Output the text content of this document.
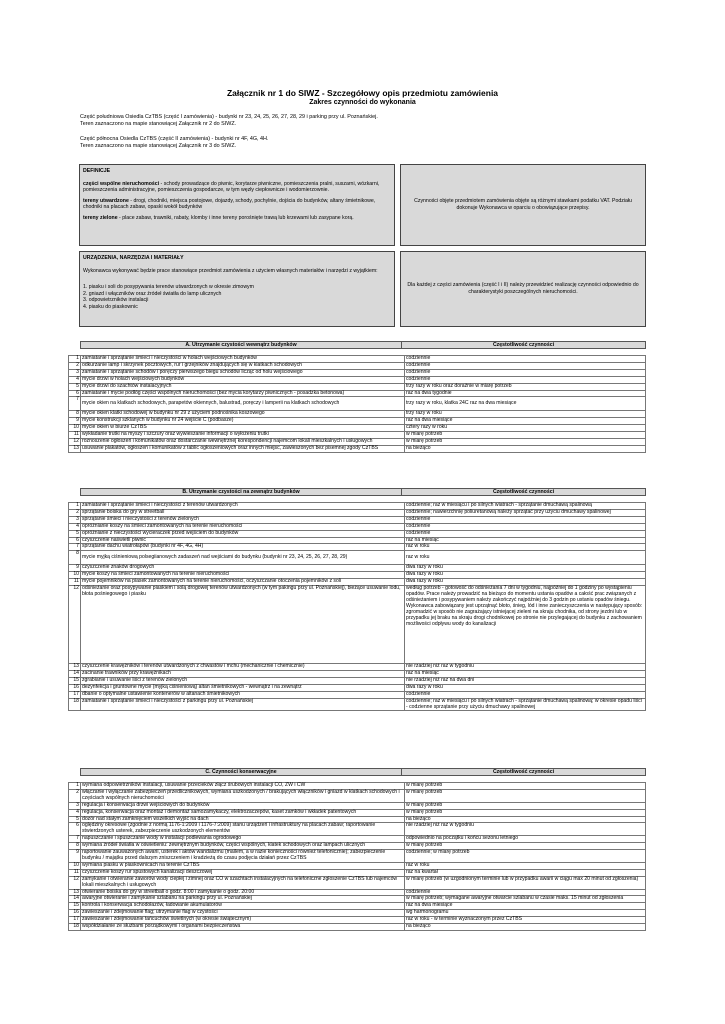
Załącznik nr 1 do SIWZ - Szczegółowy opis przedmiotu zamówienia
Zakres czynności do wykonania

Część południowa Osiedla CzTBS (część I zamówienia) - budynki nr 23, 24, 25, 26, 27, 28, 29 i parking przy ul. Poznańskiej.

Teren zaznaczono na mapie stanowiącej Załącznik nr 2 do SIWZ.

Część północna Osiedla CzTBS (część II zamówienia) - budynki nr 4F, 4G, 4H.

Teren zaznaczono na mapie stanowiącej Załącznik nr 3 do SIWZ.

DEFINICJE

części wspólne nieruchomości - schody prowadzące do piwnic, korytarze piwniczne, pomieszczenia pralni, suszarni, wózkarni, pomieszczenia administracyjne, pomieszczenia gospodarcze, w tym węzły ciepłownicze i wodomierzownie.

tereny utwardzone - drogi, chodniki, miejsca postojowe, dojazdy, schody, pochylnie, dojścia do budynków, altany śmietnikowe, chodniki na placach zabaw, opaski wokół budynków

tereny zielone - place zabaw, trawniki, rabaty, klomby i inne tereny porośnięte trawą lub krzewami lub zasypane korą.

Czynności objęte przedmiotem zamówienia objęte są różnymi stawkami podatku VAT. Podziału dokonuje Wykonawca w oparciu o obowiązujące przepisy.

URZĄDZENIA, NARZĘDZIA I MATERIAŁY

Wykonawca wykonywać będzie prace stanowiące przedmiot zamówienia z użyciem własnych materiałów i narzędzi z wyjątkiem:

1. piasku i soli do posypywania terenów utwardzonych w okresie zimowym
2. gniazd i włączników oraz źródeł światła do lamp ulicznych
3. odpowietrzników instalacji
4. piasku do piaskownic
Dla każdej z części zamówienia (część I i II) należy przewidzieć realizację czynności odpowiednio do charakterystyki poszczególnych nieruchomości.
A. Utrzymanie czystości wewnątrz budynków	Częstotliwość czynności
1	zamiatanie i sprzątanie śmieci i nieczystości w holach wejściowych budynków	codziennie
2	odkurzanie lamp i skrzynek pocztowych, rur i grzejników znajdujących się w klatkach schodowych	codziennie
3	zamiatanie i sprzątanie schodów i poręczy pierwszego biegu schodów licząc od holu wejściowego	codziennie
4	mycie drzwi w holach wejściowych budynków	codziennie
5	mycie drzwi do szachtów instalacyjnych	trzy razy w roku oraz doraźnie w miarę potrzeb
6	zamiatanie i mycie podłóg części wspólnych nieruchomości (bez mycia korytarzy piwnicznych - posadzka betonowa)	raz na dwa tygodnie
7	mycie okien na klatkach schodowych, parapetów okiennych, balustrad, poręczy i lamperii na klatkach schodowych	trzy razy w roku, klatka 24C raz na dwa miesiące
8	mycie okien klatki schodowej w budynku nr 29 z użyciem podnośnika koszowego	trzy razy w roku
9	mycie konstrukcji szklanych w budynku nr 24 wejście C (podbasze)	raz na dwa miesiące
10	mycie okien w biurze CzTBS	cztery razy w roku
11	wykładanie trutki na myszy i szczury oraz wywieszanie informacji o wyłożeniu trutki	w miarę potrzeb
12	roznoszenie ogłoszeń i komunikatów oraz dostarczanie wewnętrznej korespondencji najemcom lokali mieszkalnych i usługowych	w miarę potrzeb
13	usuwanie plakatów, ogłoszeń i komunikatów z tablic ogłoszeniowych oraz innych miejsc, zawieszonych bez pisemnej zgody CzTBS	na bieżąco
B. Utrzymanie czystości na zewnątrz budynków	Częstotliwość czynności
1	zamiatanie i sprzątanie śmieci i nieczystości z terenów utwardzonych	codziennie; raz w miesiącu i po silnych wiatrach - sprzątanie dmuchawą spalinową
2	sprzątanie boiska do gry w streetball	codziennie; nawierzchnię poliuretanową należy sprzątać przy użyciu dmuchawy spalinowej
3	sprzątanie śmieci i nieczystości z terenów zielonych	codziennie
4	opróżnianie koszy na śmieci zamontowanych na terenie nieruchomości	codziennie
5	opróżnianie z nieczystości wycieraczek przed wejściem do budynków	codziennie
6	czyszczenie naświetli piwnic	raz na miesiąc
7	sprzątanie dachu wiatrołapów (budynki nr 4F, 4G, 4H)	raz w roku
8	mycie myjką ciśnieniową polsegiianowych zadaszeń nad wejściami do budynku (budynki nr 23, 24, 25, 26, 27, 28, 29)	raz w roku
9	czyszczenie znaków drogowych	dwa razy w roku
10	mycie koszy na śmieci zamontowanych na terenie nieruchomości	dwa razy w roku
11	mycie pojemników na piasek zamontowanych na terenie nieruchomości, oczyszczanie otoczenia pojemników z soli	dwa razy w roku
12	odśnieżanie oraz posypywanie piaskiem i solą drogowej terenów utwardzonych (w tym pakingu przy ul. Poznańskiej), bieżące usuwanie lodu, błota pośniegowego i piasku	według potrzeb - gotowość do odśnieżania 7 dni w tygodniu, najpóźniej do 1 godziny po wystąpieniu opadów. Prace należy prowadzić na bieżąco do momentu ustania opadów a całość prac związanych z odśnieżaniem i posypywaniem należy zakończyć najpóźniej do 3 godzin po ustaniu opadów śniegu. Wykonawca zabowiązany jest uprzątnąć błoto, śnieg, lód i inne zanieczyszczenia w następujący sposób: zgromadzić w sposób nie zagrażający istniejącej zieleni na skraju chodnika, od strony jezdni lub w przypadku jej braku na skraju drogi chodnikowej po stronie nie przylegającej do budynku z zachowaniem możliwości odpływu wody do kanalizacji
13	czyszczenie krawężników i terenów utwardzonych z chwastów i mchu (mechanicznie i chemicznie)	nie rzadziej niż raz w tygodniu
14	zacinanie trawników przy krawężnikach	raz na miesiąc
15	zgrabianie i usuwanie liści z terenów zielonych	nie rzadziej niż raz na dwa dni
16	dezynfekcja i gruntowne mycie (myjką ciśnieniową) altan śmietnikowych - wewnątrz i na zewnątrz	dwa razy w roku
17	dbanie o optymalne ustawienie kontenerów w altanach śmietnikowych	codziennie
18	zamiatanie i sprzątanie śmieci i nieczystości z parkingu przy ul. Poznańskiej	codziennie; raz w miesiącu i po silnych wiatrach - sprzątanie dmuchawą spalinową; w okresie opadu liści - codzienne sprzątanie przy użyciu dmuchawy spalinowej
C. Czynności konserwacyjne	Częstotliwość czynności
1	wymiana odpowietrzników instalacji, usuwanie przecieków złącz śrubowych instalacji CO, ZW i CW	w miarę potrzeb
2	włączanie i wyłączanie zabezpieczeń przedlicznikowych, wymiana uszkodzonych / brakujących włączników i gniazd w klatkach schodowych i częściach wspólnych nieruchomości	w miarę potrzeb
3	regulacja i konserwacja drzwi wejściowych do budynków	w miarę potrzeb
4	regulacja, konserwacja oraz montaż i demontaż samozamykaczy, elektrozaczepów, kaset zamków i wkładek patentowych	w miarę potrzeb
5	dozór nad stałym zamknięciem wszelkich wyjść na dach	na bieżąco
6	oględziny okresowe (zgodnie z normą 1176-1:2009 i 1176-7:2009) stanu urządzeń i infrastruktury na placach zabaw; raportowanie stwierdzonych usterek, zabezpieczenie uszkodzonych elementów	nie rzadziej niż raz w tygodniu
7	napuszczanie i spuszczanie wody w instalacji podlewania ogrodowego	odpowiednio na początku i końcu sezonu letniego
8	wymiana źródeł światła w oświetleniu: zewnętrznym budynków, części wspólnych, klatek schodowych oraz lampach ulicznych	w miarę potrzeb
9	raportowanie zauważonych awarii, usterek i aktów wandalizmu (mailem, a w razie konieczności również telefonicznie); zabezpieczenie budynku / majątku przed dalszym zniszczeniem i kradzieżą do czasu podjęcia działań przez CzTBS	codziennie; w miarę potrzeb
10	wymiana piasku w piaskownicach na terenie CzTBS	raz w roku
11	czyszczenie koszy rur spustowych kanalizacji deszczowej	raz na kwartał
12	zamykanie i otwieranie zaworów wody ciepłej i zimnej oraz CO w szachtach instalacyjnych na telefoniczne zgłoszenie CzTBS lub najemców lokali mieszkalnych i usługowych	w miarę potrzeb (w uzgodnionym terminie lub w przypadku awarii w ciągu max 20 minut od zgłoszenia)
13	otwieranie boiska do gry w streetball o godz. 8:00 i zamykanie o godz. 20:00	codziennie
14	awaryjne otwieranie i zamykanie szlabanu na parkingu przy ul. Poznańskiej	w miarę potrzeb; wymagane awaryjne otwarcie szlabanu w czasie maks. 15 minut od zgłoszenia
15	kontrola i konserwacja schodołazów, ładowanie akumulatorów	raz na dwa miesiące
16	zawieszanie i zdejmowanie flag; utrzymanie flag w czystości	wg harmonogramu
17	zawieszanie i zdejmowanie tańcuchów świetlnych (w okresie świątecznym)	raz w roku - w terminie wyznaczonym przez CzTBS
18	współdziałanie ze służbami porządkowymi i organami bezpieczeństwa	na bieżąco
